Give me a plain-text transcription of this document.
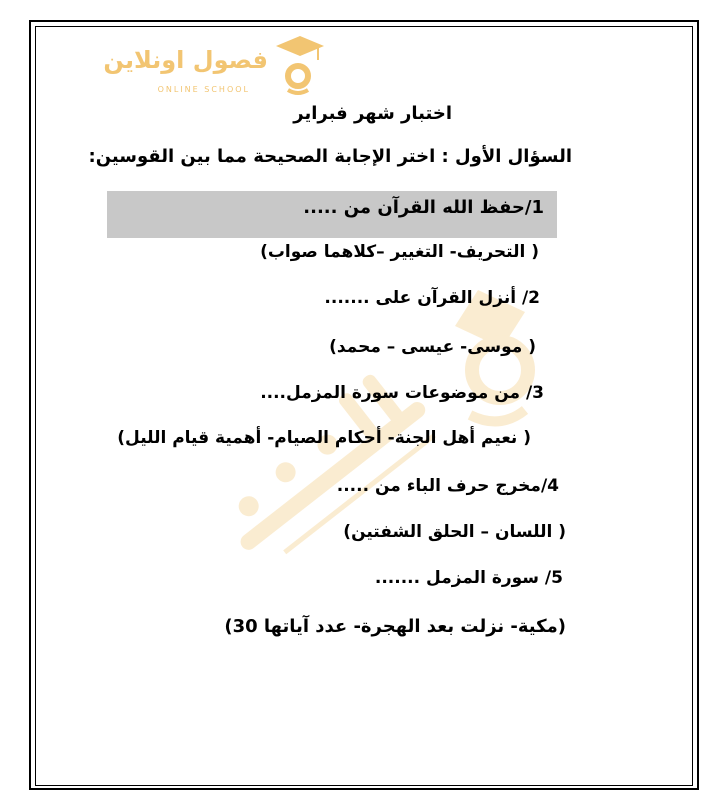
فصول اونلاين
ONLINE SCHOOL
اختبار شهر فبراير
السؤال الأول : اختر الإجابة الصحيحة مما بين القوسين:
1/حفظ الله القرآن من .....
( التحريف- التغيير –كلاهما صواب)
2/ أنزل القرآن على .......
( موسى- عيسى – محمد)
3/ من موضوعات سورة المزمل....
( نعيم أهل الجنة- أحكام الصيام- أهمية قيام الليل)
4/مخرج حرف الباء من .....
( اللسان – الحلق الشفتين)
5/ سورة المزمل .......
(مكية- نزلت بعد الهجرة- عدد آياتها 30)
